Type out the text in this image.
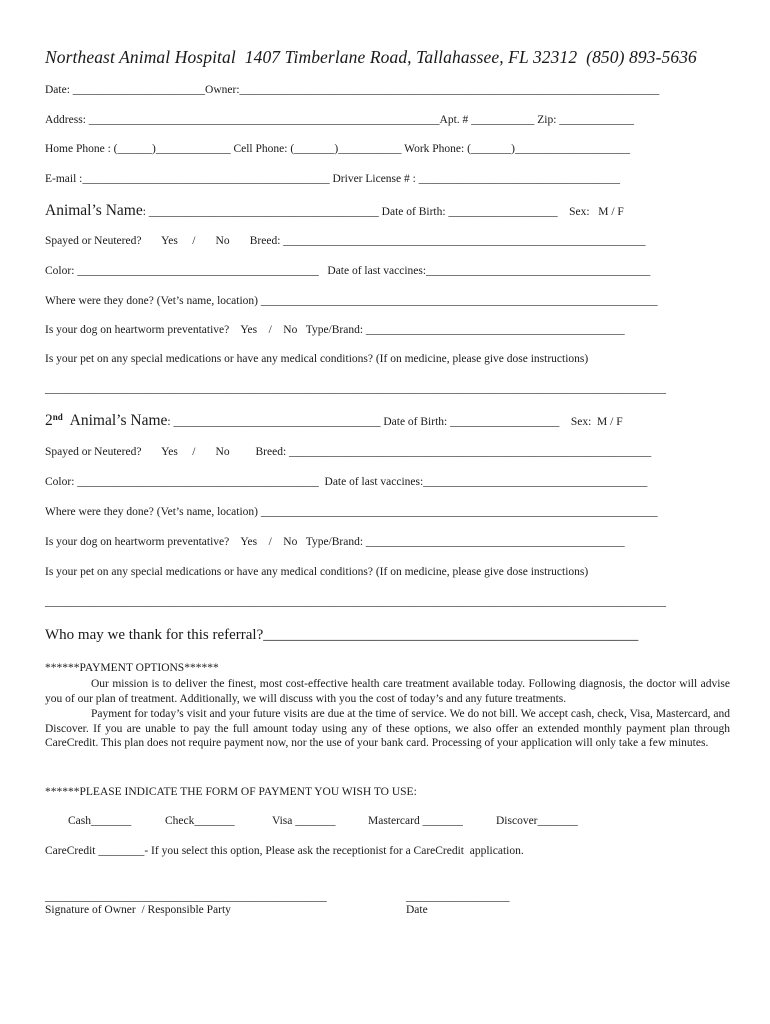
Northeast Animal Hospital  1407 Timberlane Road, Tallahassee, FL 32312  (850) 893-5636
Date: _______________________Owner:_________________________________________________________________________
Address: _____________________________________________________________Apt. # ___________ Zip: _____________
Home Phone : (______)_____________ Cell Phone: (_______)___________ Work Phone: (_______)____________________
E-mail :___________________________________________ Driver License # : ___________________________________
Animal’s Name: ________________________________________ Date of Birth: ___________________    Sex:   M / F
Spayed or Neutered?       Yes     /       No       Breed: _______________________________________________________________
Color: __________________________________________   Date of last vaccines:_______________________________________
Where were they done? (Vet’s name, location) _____________________________________________________________________
Is your dog on heartworm preventative?    Yes    /    No   Type/Brand: _____________________________________________
Is your pet on any special medications or have any medical conditions? (If on medicine, please give dose instructions)
____________________________________________________________________________________________________________
2nd Animal’s Name: ____________________________________ Date of Birth: ___________________    Sex:  M / F
Spayed or Neutered?       Yes     /       No         Breed: _______________________________________________________________
Color: __________________________________________  Date of last vaccines:_______________________________________
Where were they done? (Vet’s name, location) _____________________________________________________________________
Is your dog on heartworm preventative?    Yes    /    No   Type/Brand: _____________________________________________
Is your pet on any special medications or have any medical conditions? (If on medicine, please give dose instructions)
____________________________________________________________________________________________________________
Who may we thank for this referral?__________________________________________________
******PAYMENT OPTIONS******
Our mission is to deliver the finest, most cost-effective health care treatment available today. Following diagnosis, the doctor will advise you of our plan of treatment. Additionally, we will discuss with you the cost of today’s and any future treatments.
Payment for today’s visit and your future visits are due at the time of service. We do not bill. We accept cash, check, Visa, Mastercard, and Discover. If you are unable to pay the full amount today using any of these options, we also offer an extended monthly payment plan through CareCredit. This plan does not require payment now, nor the use of your bank card. Processing of your application will only take a few minutes.
******PLEASE INDICATE THE FORM OF PAYMENT YOU WISH TO USE:
Cash_______	Check_______	Visa _______	Mastercard _______	Discover_______
CareCredit ________- If you select this option, Please ask the receptionist for a CareCredit  application.
_________________________________________________
Signature of Owner  / Responsible Party
__________________
Date
